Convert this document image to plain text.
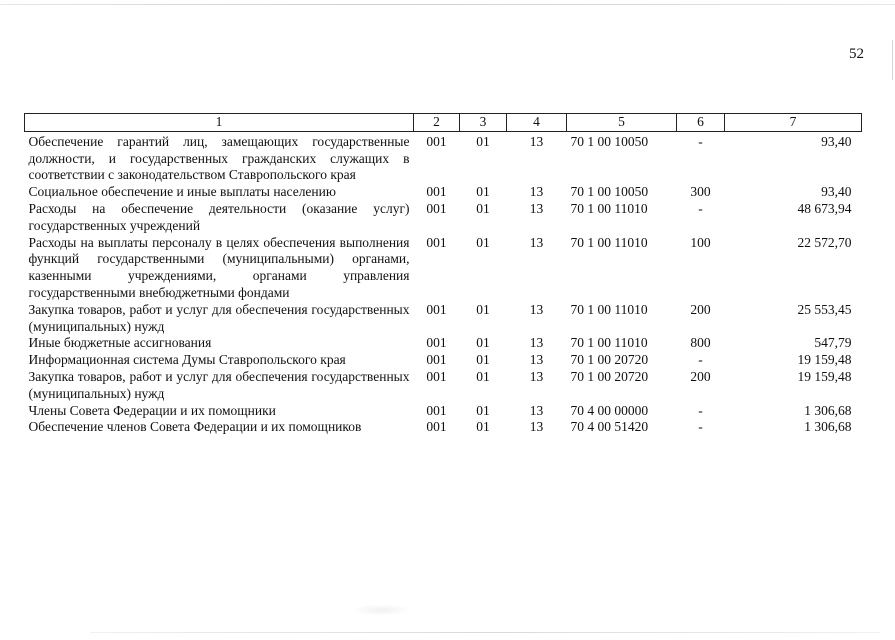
52
1	2	3	4	5	6	7
Обеспечение гарантий лиц, замещающих государственные должности, и государственных гражданских служащих в соответствии с законодательством Ставропольского края	001	01	13	70 1 00 10050	-	93,40
Социальное обеспечение и иные выплаты населению	001	01	13	70 1 00 10050	300	93,40
Расходы на обеспечение деятельности (оказание услуг) государственных учреждений	001	01	13	70 1 00 11010	-	48 673,94
Расходы на выплаты персоналу в целях обеспечения выполнения функций государственными (муниципальными) органами, казенными учреждениями, органами управления государственными внебюджетными фондами	001	01	13	70 1 00 11010	100	22 572,70
Закупка товаров, работ и услуг для обеспечения государственных (муниципальных) нужд	001	01	13	70 1 00 11010	200	25 553,45
Иные бюджетные ассигнования	001	01	13	70 1 00 11010	800	547,79
Информационная система Думы Ставропольского края	001	01	13	70 1 00 20720	-	19 159,48
Закупка товаров, работ и услуг для обеспечения государственных (муниципальных) нужд	001	01	13	70 1 00 20720	200	19 159,48
Члены Совета Федерации и их помощники	001	01	13	70 4 00 00000	-	1 306,68
Обеспечение членов Совета Федерации и их помощников	001	01	13	70 4 00 51420	-	1 306,68
